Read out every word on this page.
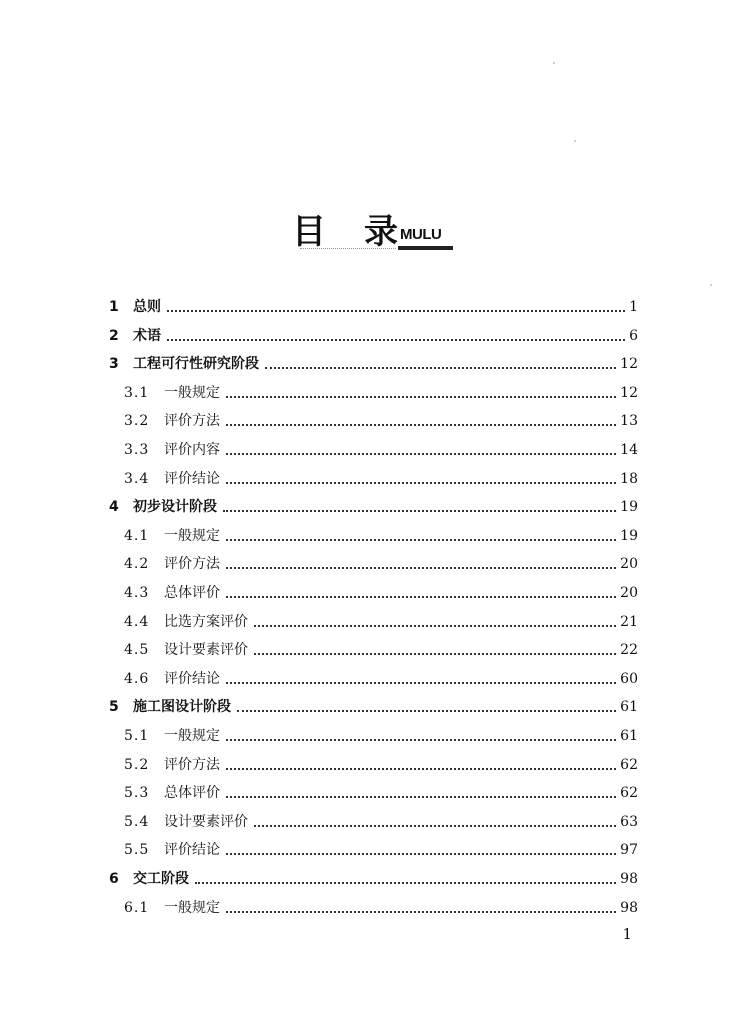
目 录 MULU
1 总则	1
2 术语	6
3 工程可行性研究阶段	12
3.1 一般规定	12
3.2 评价方法	13
3.3 评价内容	14
3.4 评价结论	18
4 初步设计阶段	19
4.1 一般规定	19
4.2 评价方法	20
4.3 总体评价	20
4.4 比选方案评价	21
4.5 设计要素评价	22
4.6 评价结论	60
5 施工图设计阶段	61
5.1 一般规定	61
5.2 评价方法	62
5.3 总体评价	62
5.4 设计要素评价	63
5.5 评价结论	97
6 交工阶段	98
6.1 一般规定	98
1
